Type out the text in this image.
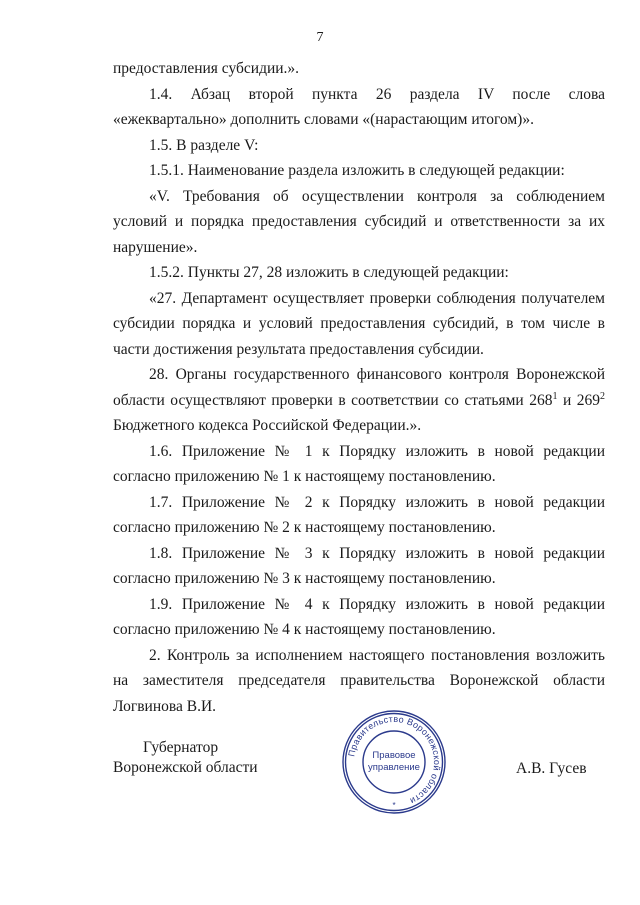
7

предоставления субсидии.».

1.4. Абзац второй пункта 26 раздела IV после слова «ежеквартально» дополнить словами «(нарастающим итогом)».

1.5. В разделе V:

1.5.1. Наименование раздела изложить в следующей редакции:

«V. Требования об осуществлении контроля за соблюдением условий и порядка предоставления субсидий и ответственности за их нарушение».

1.5.2. Пункты 27, 28 изложить в следующей редакции:

«27. Департамент осуществляет проверки соблюдения получателем субсидии порядка и условий предоставления субсидий, в том числе в части достижения результата предоставления субсидии.

28. Органы государственного финансового контроля Воронежской области осуществляют проверки в соответствии со статьями $268^1$ и $269^2$ Бюджетного кодекса Российской Федерации.».

1.6. Приложение № 1 к Порядку изложить в новой редакции согласно приложению № 1 к настоящему постановлению.

1.7. Приложение № 2 к Порядку изложить в новой редакции согласно приложению № 2 к настоящему постановлению.

1.8. Приложение № 3 к Порядку изложить в новой редакции согласно приложению № 3 к настоящему постановлению.

1.9. Приложение № 4 к Порядку изложить в новой редакции согласно приложению № 4 к настоящему постановлению.

2. Контроль за исполнением настоящего постановления возложить на заместителя председателя правительства Воронежской области Логвинова В.И.

Губернатор
Воронежской области	А.В. Гусев
Правительство Воронежской области
Правовое
управление
*
